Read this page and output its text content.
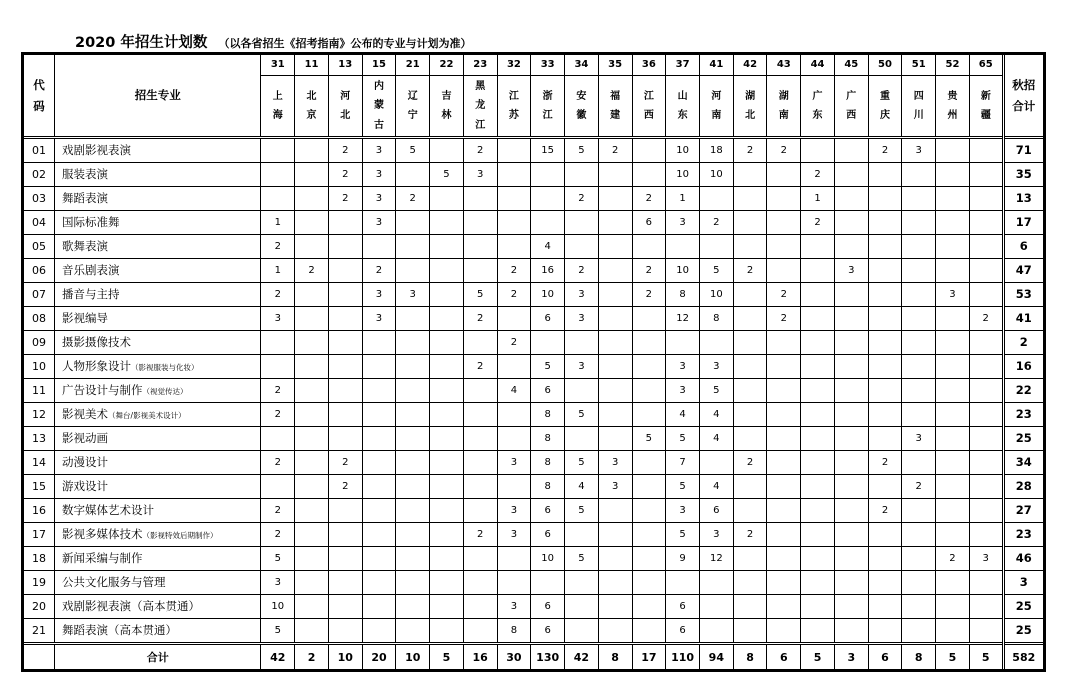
2020 年招生计划数 （以各省招生《招考指南》公布的专业与计划为准）
代码	招生专业	31	11	13	15	21	22	23	32	33	34	35	36	37	41	42	43	44	45	50	51	52	65	秋招合计
		上海	北京	河北	内蒙古	辽宁	吉林	黑龙江	江苏	浙江	安徽	福建	江西	山东	河南	湖北	湖南	广东	广西	重庆	四川	贵州	新疆	
01	戏剧影视表演			2	3	5		2		15	5	2		10	18	2	2			2	3			71
02	服装表演			2	3		5	3						10	10			2						35
03	舞蹈表演			2	3	2					2		2	1				1						13
04	国际标准舞	1			3								6	3	2			2						17
05	歌舞表演	2								4														6
06	音乐剧表演	1	2		2				2	16	2		2	10	5	2			3					47
07	播音与主持	2			3	3		5	2	10	3		2	8	10		2					3		53
08	影视编导	3			3			2		6	3			12	8		2						2	41
09	摄影摄像技术								2															2
10	人物形象设计（影视服装与化妆）							2		5	3			3	3									16
11	广告设计与制作（视觉传达）	2							4	6				3	5									22
12	影视美术（舞台/影视美术设计）	2								8	5			4	4									23
13	影视动画									8			5	5	4						3			25
14	动漫设计	2		2					3	8	5	3		7		2				2				34
15	游戏设计			2						8	4	3		5	4						2			28
16	数字媒体艺术设计	2							3	6	5			3	6					2				27
17	影视多媒体技术（影视特效后期制作）	2						2	3	6				5	3	2								23
18	新闻采编与制作	5								10	5			9	12							2	3	46
19	公共文化服务与管理	3																						3
20	戏剧影视表演（高本贯通）	10							3	6				6										25
21	舞蹈表演（高本贯通）	5							8	6				6										25
	合计	42	2	10	20	10	5	16	30	130	42	8	17	110	94	8	6	5	3	6	8	5	5	582
